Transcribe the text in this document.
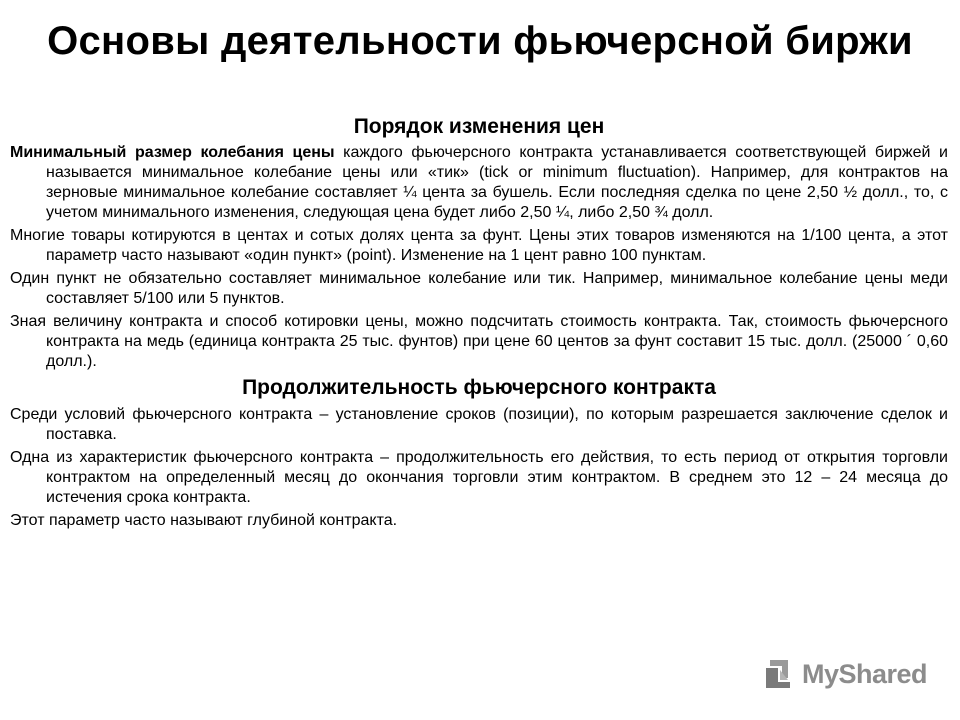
Основы деятельности фьючерсной биржи
Порядок изменения цен

Минимальный размер колебания цены каждого фьючерсного контракта устанавливается соответствующей биржей и называется минимальное колебание цены или «тик» (tick or minimum fluctuation). Например, для контрактов на зерновые минимальное колебание составляет ¼ цента за бушель. Если последняя сделка по цене 2,50 ½ долл., то, с учетом минимального изменения, следующая цена будет либо 2,50 ¼, либо 2,50 ¾ долл.

Многие товары котируются в центах и сотых долях цента за фунт. Цены этих товаров изменяются на 1/100 цента, а этот параметр часто называют «один пункт» (point). Изменение на 1 цент равно 100 пунктам.

Один пункт не обязательно составляет минимальное колебание или тик. Например, минимальное колебание цены меди составляет 5/100 или 5 пунктов.

Зная величину контракта и способ котировки цены, можно подсчитать стоимость контракта. Так, стоимость фьючерсного контракта на медь (единица контракта 25 тыс. фунтов) при цене 60 центов за фунт составит 15 тыс. долл. (25000 ´ 0,60 долл.).

Продолжительность фьючерсного контракта

Среди условий фьючерсного контракта – установление сроков (позиции), по которым разрешается заключение сделок и поставка.

Одна из характеристик фьючерсного контракта – продолжительность его действия, то есть период от открытия торговли контрактом на определенный месяц до окончания торговли этим контрактом. В среднем это 12 – 24 месяца до истечения срока контракта.

Этот параметр часто называют глубиной контракта.

MyShared
